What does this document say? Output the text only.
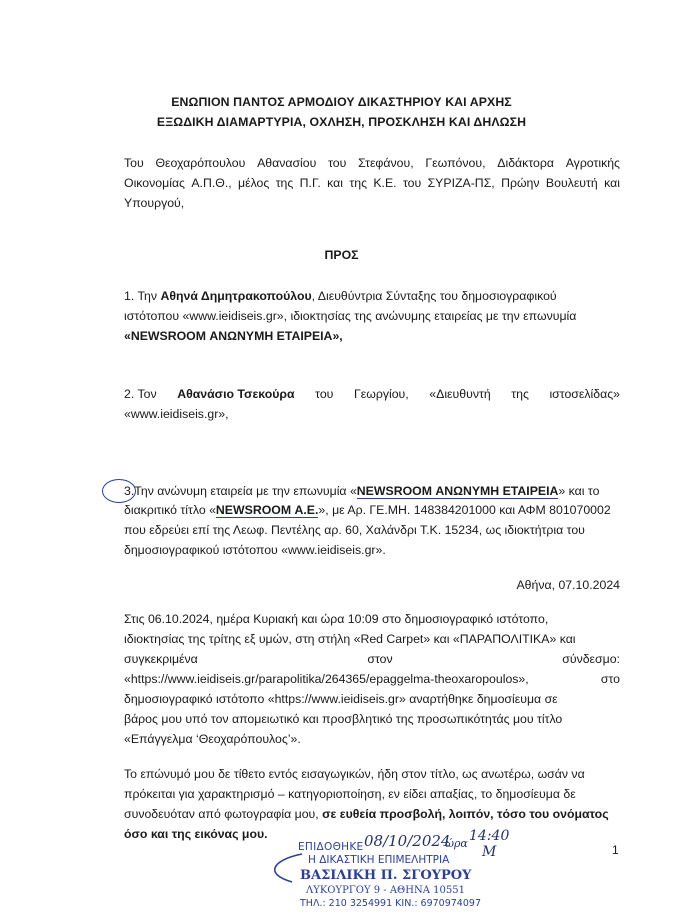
ΕΝΩΠΙΟΝ ΠΑΝΤΟΣ ΑΡΜΟΔΙΟΥ ΔΙΚΑΣΤΗΡΙΟΥ ΚΑΙ ΑΡΧΗΣ
ΕΞΩΔΙΚΗ ΔΙΑΜΑΡΤΥΡΙΑ, ΟΧΛΗΣΗ, ΠΡΟΣΚΛΗΣΗ ΚΑΙ ΔΗΛΩΣΗ
Του Θεοχαρόπουλου Αθανασίου του Στεφάνου, Γεωπόνου, Διδάκτορα Αγροτικής
Οικονομίας Α.Π.Θ., μέλος της Π.Γ. και της Κ.Ε. του ΣΥΡΙΖΑ-ΠΣ, Πρώην Βουλευτή και
Υπουργού,
ΠΡΟΣ
1. Την Αθηνά Δημητρακοπούλου, Διευθύντρια Σύνταξης του δημοσιογραφικού
ιστότοπου «www.ieidiseis.gr», ιδιοκτησίας της ανώνυμης εταιρείας με την επωνυμία
«NEWSROOM ΑΝΩΝΥΜΗ ΕΤΑΙΡΕΙΑ»,
2. Τον Αθανάσιο Τσεκούρα του Γεωργίου, «Διευθυντή της ιστοσελίδας»
«www.ieidiseis.gr»,
3.Την ανώνυμη εταιρεία με την επωνυμία «NEWSROOM ΑΝΩΝΥΜΗ ΕΤΑΙΡΕΙΑ» και το
διακριτικό τίτλο «NEWSROOM Α.Ε.», με Αρ. ΓΕ.ΜΗ. 148384201000 και ΑΦΜ 801070002
που εδρεύει επί της Λεωφ. Πεντέλης αρ. 60, Χαλάνδρι Τ.Κ. 15234, ως ιδιοκτήτρια του
δημοσιογραφικού ιστότοπου «www.ieidiseis.gr».
Αθήνα, 07.10.2024
Στις 06.10.2024, ημέρα Κυριακή και ώρα 10:09 στο δημοσιογραφικό ιστότοπο,
ιδιοκτησίας της τρίτης εξ υμών, στη στήλη «Red Carpet» και «ΠΑΡΑΠΟΛΙΤΙΚΑ» και
συγκεκριμένα	στον	σύνδεσμο:
«https://www.ieidiseis.gr/parapolitika/264365/epaggelma-theoxaropoulos»,	στο
δημοσιογραφικό ιστότοπο «https://www.ieidiseis.gr» αναρτήθηκε δημοσίευμα σε
βάρος μου υπό τον απομειωτικό και προσβλητικό της προσωπικότητάς μου τίτλο
«Επάγγελμα ‘Θεοχαρόπουλος’».
Το επώνυμό μου δε τίθετο εντός εισαγωγικών, ήδη στον τίτλο, ως ανωτέρω, ωσάν να
πρόκειται για χαρακτηρισμό – κατηγοριοποίηση, εν είδει απαξίας, το δημοσίευμα δε
συνοδευόταν από φωτογραφία μου, σε ευθεία προσβολή, λοιπόν, τόσο του ονόματος
όσο και της εικόνας μου.
1
ΕΠΙΔΟΘΗΚΕ 08/10/2024
ώρα 14:40
Μ
Η ΔΙΚΑΣΤΙΚΗ ΕΠΙΜΕΛΗΤΡΙΑ
ΒΑΣΙΛΙΚΗ Π. ΣΓΟΥΡΟΥ
ΛΥΚΟΥΡΓΟΥ 9 - ΑΘΗΝΑ 10551
ΤΗΛ.: 210 3254991 ΚΙΝ.: 6970974097
